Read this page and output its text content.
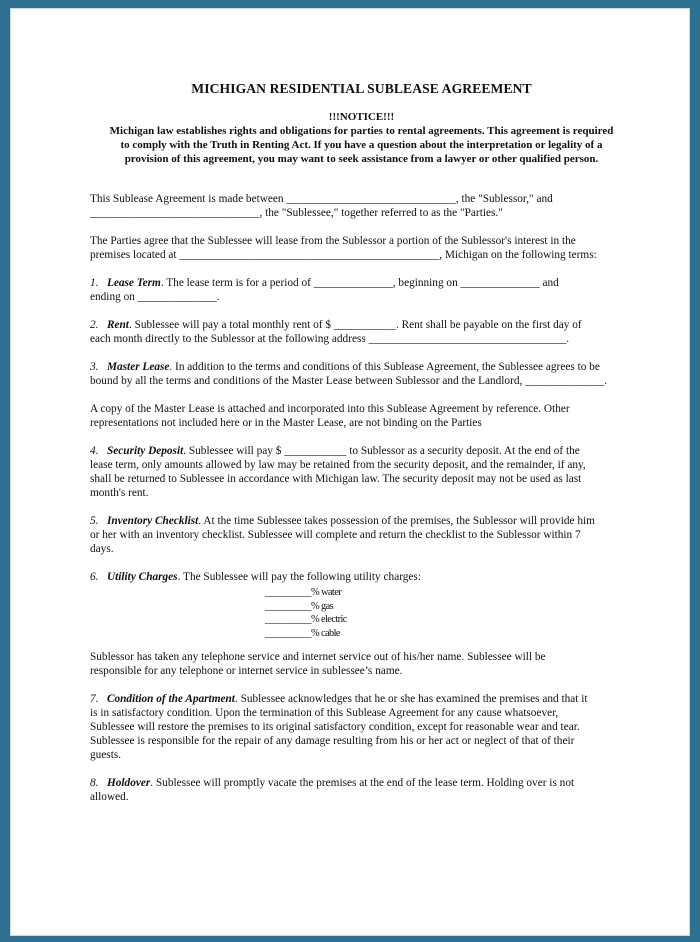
MICHIGAN RESIDENTIAL SUBLEASE AGREEMENT
!!!NOTICE!!!
Michigan law establishes rights and obligations for parties to rental agreements. This agreement is required
to comply with the Truth in Renting Act. If you have a question about the interpretation or legality of a
provision of this agreement, you may want to seek assistance from a lawyer or other qualified person.

This Sublease Agreement is made between ______________________________, the "Sublessor," and
______________________________, the "Sublessee," together referred to as the "Parties."

The Parties agree that the Sublessee will lease from the Sublessor a portion of the Sublessor's interest in the
premises located at ______________________________________________, Michigan on the following terms:

1. Lease Term. The lease term is for a period of ______________, beginning on ______________ and
ending on ______________.

2. Rent. Sublessee will pay a total monthly rent of $ ___________. Rent shall be payable on the first day of
each month directly to the Sublessor at the following address ___________________________________.

3. Master Lease. In addition to the terms and conditions of this Sublease Agreement, the Sublessee agrees to be
bound by all the terms and conditions of the Master Lease between Sublessor and the Landlord, ______________.

A copy of the Master Lease is attached and incorporated into this Sublease Agreement by reference. Other
representations not included here or in the Master Lease, are not binding on the Parties

4. Security Deposit. Sublessee will pay $ ___________ to Sublessor as a security deposit. At the end of the
lease term, only amounts allowed by law may be retained from the security deposit, and the remainder, if any,
shall be returned to Sublessee in accordance with Michigan law. The security deposit may not be used as last
month's rent.

5. Inventory Checklist. At the time Sublessee takes possession of the premises, the Sublessor will provide him
or her with an inventory checklist. Sublessee will complete and return the checklist to the Sublessor within 7
days.

6. Utility Charges. The Sublessee will pay the following utility charges:

__________% water
__________% gas
__________% electric
__________% cable

Sublessor has taken any telephone service and internet service out of his/her name. Sublessee will be
responsible for any telephone or internet service in sublessee’s name.

7. Condition of the Apartment. Sublessee acknowledges that he or she has examined the premises and that it
is in satisfactory condition. Upon the termination of this Sublease Agreement for any cause whatsoever,
Sublessee will restore the premises to its original satisfactory condition, except for reasonable wear and tear.
Sublessee is responsible for the repair of any damage resulting from his or her act or neglect of that of their
guests.

8. Holdover. Sublessee will promptly vacate the premises at the end of the lease term. Holding over is not
allowed.
